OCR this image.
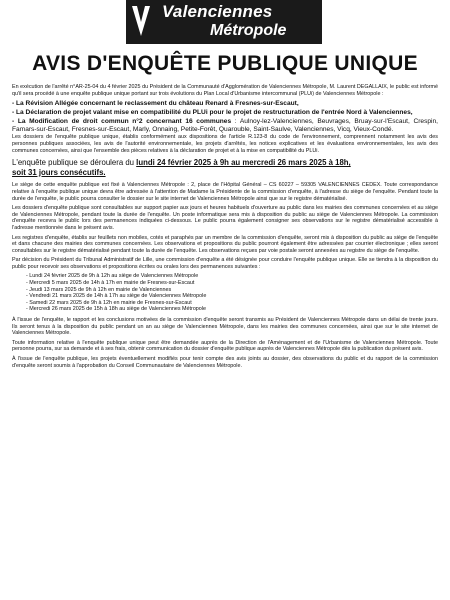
Valenciennes
Métropole
AVIS D'ENQUÊTE PUBLIQUE UNIQUE

En exécution de l'arrêté n°AR-25-04 du 4 février 2025 du Président de la Communauté d'Agglomération de Valenciennes Métropole, M. Laurent DEGALLAIX, le public est informé qu'il sera procédé à une enquête publique unique portant sur trois évolutions du Plan Local d'Urbanisme intercommunal (PLUi) de Valenciennes Métropole :

- La Révision Allégée concernant le reclassement du château Renard à Fresnes-sur-Escaut,

- La Déclaration de projet valant mise en compatibilité du PLUi pour le projet de restructuration de l'entrée Nord à Valenciennes,

- La Modification de droit commun n°2 concernant 16 communes : Aulnoy-lez-Valenciennes, Beuvrages, Bruay-sur-l'Escaut, Crespin, Famars-sur-Escaut, Fresnes-sur-Escaut, Marly, Onnaing, Petite-Forêt, Quarouble, Saint-Saulve, Valenciennes, Vicq, Vieux-Condé.

Les dossiers de l'enquête publique unique, établis conformément aux dispositions de l'article R.123-8 du code de l'environnement, comprennent notamment les avis des personnes publiques associées, les avis de l'autorité environnementale, les projets d'arrêtés, les notices explicatives et les évaluations environnementales, les avis des communes concernées, ainsi que l'ensemble des pièces relatives à la déclaration de projet et à la mise en compatibilité du PLUi.

L'enquête publique se déroulera du lundi 24 février 2025 à 9h au mercredi 26 mars 2025 à 18h,
soit 31 jours consécutifs.

Le siège de cette enquête publique est fixé à Valenciennes Métropole : 2, place de l'Hôpital Général – CS 60227 – 59305 VALENCIENNES CEDEX. Toute correspondance relative à l'enquête publique unique devra être adressée à l'attention de Madame la Présidente de la commission d'enquête, à l'adresse du siège de l'enquête. Pendant toute la durée de l'enquête, le public pourra consulter le dossier sur le site internet de Valenciennes Métropole ainsi que sur le registre dématérialisé.

Les dossiers d'enquête publique sont consultables sur support papier aux jours et heures habituels d'ouverture au public dans les mairies des communes concernées et au siège de Valenciennes Métropole, pendant toute la durée de l'enquête. Un poste informatique sera mis à disposition du public au siège de Valenciennes Métropole. La commission d'enquête recevra le public lors des permanences indiquées ci-dessous. Le public pourra également consigner ses observations sur le registre dématérialisé accessible à l'adresse mentionnée dans le présent avis.

Les registres d'enquête, établis sur feuillets non mobiles, cotés et paraphés par un membre de la commission d'enquête, seront mis à disposition du public au siège de l'enquête et dans chacune des mairies des communes concernées. Les observations et propositions du public pourront également être adressées par courrier électronique ; elles seront consultables sur le registre dématérialisé pendant toute la durée de l'enquête. Les observations reçues par voie postale seront annexées au registre du siège de l'enquête.

Par décision du Président du Tribunal Administratif de Lille, une commission d'enquête a été désignée pour conduire l'enquête publique unique. Elle se tiendra à la disposition du public pour recevoir ses observations et propositions écrites ou orales lors des permanences suivantes :

- Lundi 24 février 2025 de 9h à 12h au siège de Valenciennes Métropole
- Mercredi 5 mars 2025 de 14h à 17h en mairie de Fresnes-sur-Escaut
- Jeudi 13 mars 2025 de 9h à 12h en mairie de Valenciennes
- Vendredi 21 mars 2025 de 14h à 17h au siège de Valenciennes Métropole
- Samedi 22 mars 2025 de 9h à 12h en mairie de Fresnes-sur-Escaut
- Mercredi 26 mars 2025 de 15h à 18h au siège de Valenciennes Métropole

À l'issue de l'enquête, le rapport et les conclusions motivées de la commission d'enquête seront transmis au Président de Valenciennes Métropole dans un délai de trente jours. Ils seront tenus à la disposition du public pendant un an au siège de Valenciennes Métropole, dans les mairies des communes concernées, ainsi que sur le site internet de Valenciennes Métropole.

Toute information relative à l'enquête publique unique peut être demandée auprès de la Direction de l'Aménagement et de l'Urbanisme de Valenciennes Métropole. Toute personne pourra, sur sa demande et à ses frais, obtenir communication du dossier d'enquête publique auprès de Valenciennes Métropole dès la publication du présent avis.

À l'issue de l'enquête publique, les projets éventuellement modifiés pour tenir compte des avis joints au dossier, des observations du public et du rapport de la commission d'enquête seront soumis à l'approbation du Conseil Communautaire de Valenciennes Métropole.
